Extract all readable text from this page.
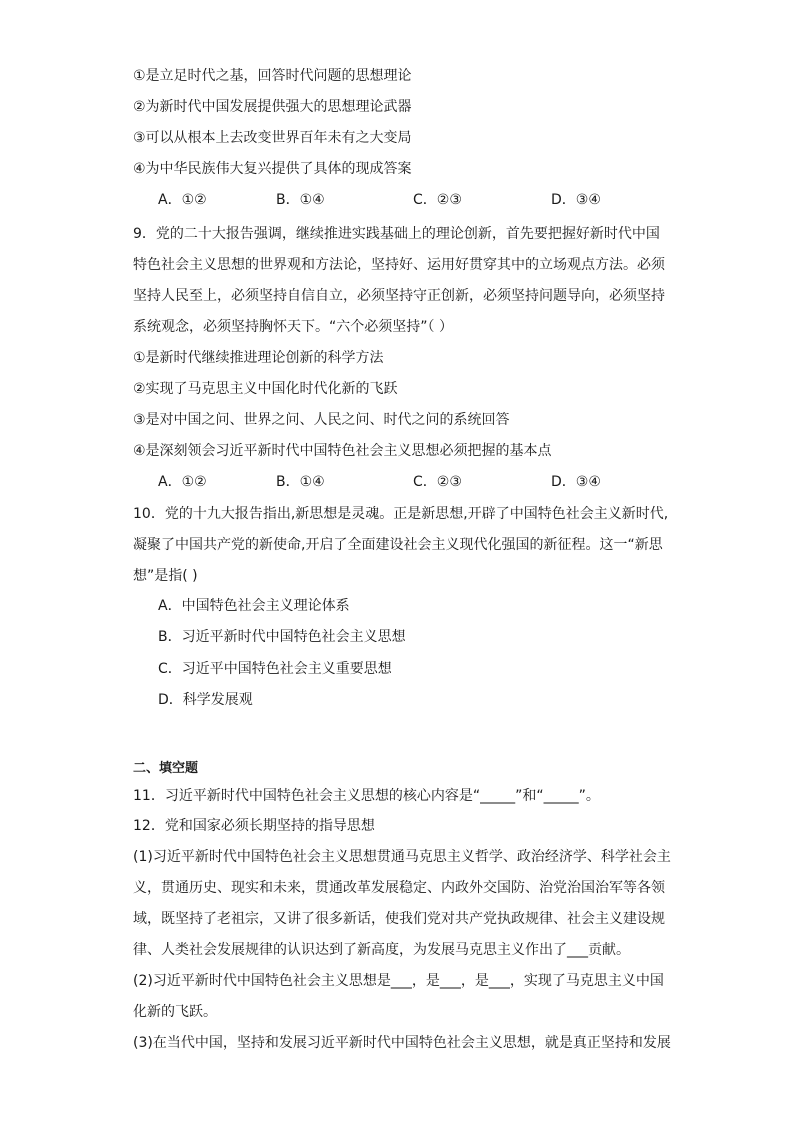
①是立足时代之基，回答时代问题的思想理论
②为新时代中国发展提供强大的思想理论武器
③可以从根本上去改变世界百年未有之大变局
④为中华民族伟大复兴提供了具体的现成答案
A．①②	B．①④	C．②③	D．③④
9．党的二十大报告强调，继续推进实践基础上的理论创新，首先要把握好新时代中国
特色社会主义思想的世界观和方法论，坚持好、运用好贯穿其中的立场观点方法。必须
坚持人民至上，必须坚持自信自立，必须坚持守正创新，必须坚持问题导向，必须坚持
系统观念，必须坚持胸怀天下。“六个必须坚持”（ ）
①是新时代继续推进理论创新的科学方法
②实现了马克思主义中国化时代化新的飞跃
③是对中国之问、世界之问、人民之问、时代之问的系统回答
④是深刻领会习近平新时代中国特色社会主义思想必须把握的基本点
A．①②	B．①④	C．②③	D．③④
10．党的十九大报告指出,新思想是灵魂。正是新思想,开辟了中国特色社会主义新时代,
凝聚了中国共产党的新使命,开启了全面建设社会主义现代化强国的新征程。这一“新思
想”是指( )
A．中国特色社会主义理论体系
B．习近平新时代中国特色社会主义思想
C．习近平中国特色社会主义重要思想
D．科学发展观
二、填空题
11．习近平新时代中国特色社会主义思想的核心内容是“_____”和“_____”。
12．党和国家必须长期坚持的指导思想
(1)习近平新时代中国特色社会主义思想贯通马克思主义哲学、政治经济学、科学社会主
义，贯通历史、现实和未来，贯通改革发展稳定、内政外交国防、治党治国治军等各领
域，既坚持了老祖宗，又讲了很多新话，使我们党对共产党执政规律、社会主义建设规
律、人类社会发展规律的认识达到了新高度，为发展马克思主义作出了___贡献。
(2)习近平新时代中国特色社会主义思想是___，是___，是___，实现了马克思主义中国
化新的飞跃。
(3)在当代中国，坚持和发展习近平新时代中国特色社会主义思想，就是真正坚持和发展
